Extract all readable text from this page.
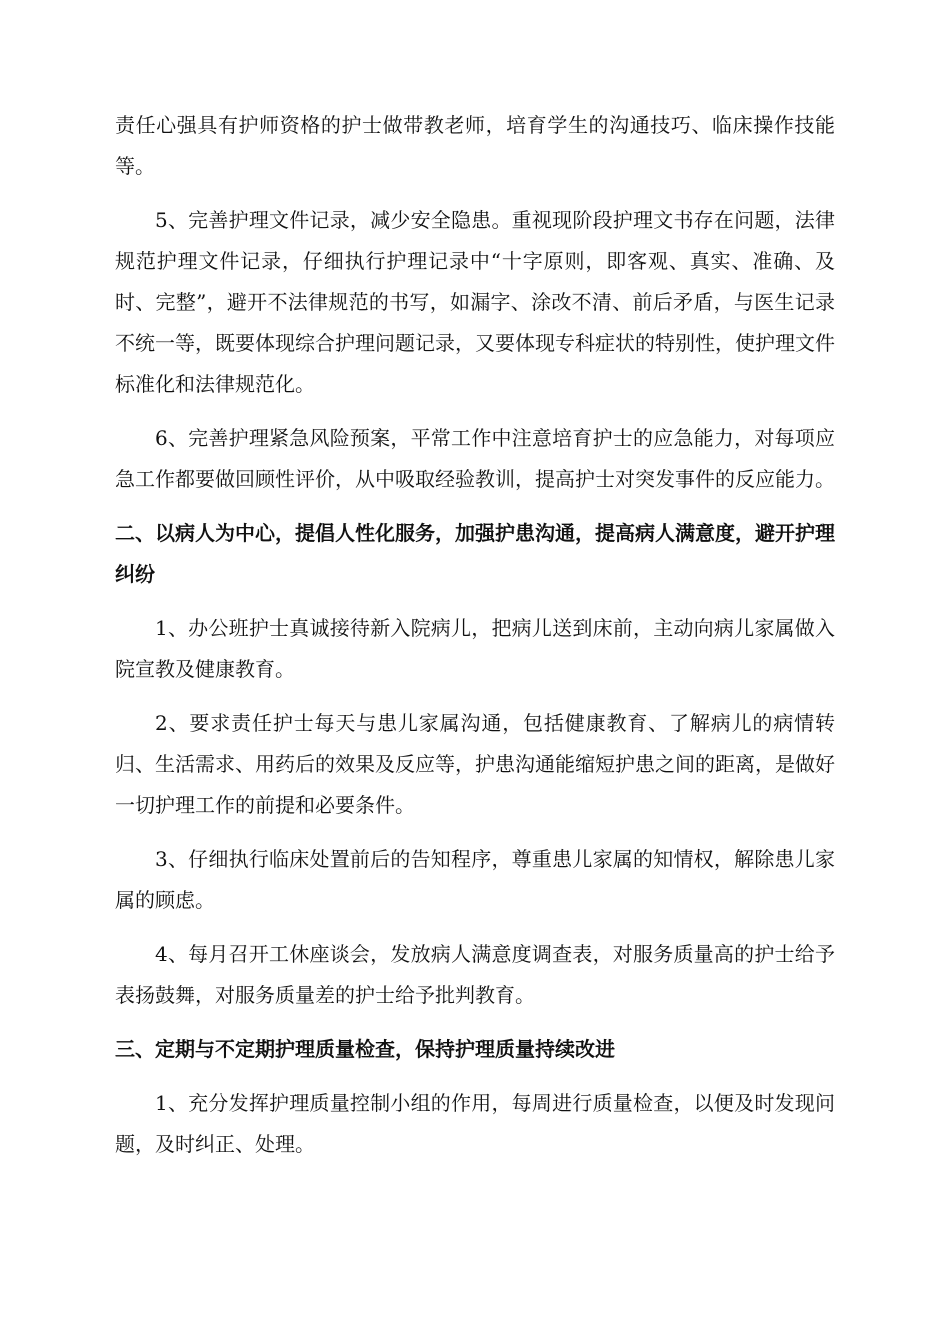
责任心强具有护师资格的护士做带教老师，培育学生的沟通技巧、临床操作技能等。

5、完善护理文件记录，减少安全隐患。重视现阶段护理文书存在问题，法律规范护理文件记录，仔细执行护理记录中“十字原则，即客观、真实、准确、及时、完整”，避开不法律规范的书写，如漏字、涂改不清、前后矛盾，与医生记录不统一等，既要体现综合护理问题记录，又要体现专科症状的特别性，使护理文件标准化和法律规范化。

6、完善护理紧急风险预案，平常工作中注意培育护士的应急能力，对每项应急工作都要做回顾性评价，从中吸取经验教训，提高护士对突发事件的反应能力。

二、以病人为中心，提倡人性化服务，加强护患沟通，提高病人满意度，避开护理纠纷

1、办公班护士真诚接待新入院病儿，把病儿送到床前，主动向病儿家属做入院宣教及健康教育。

2、要求责任护士每天与患儿家属沟通，包括健康教育、了解病儿的病情转归、生活需求、用药后的效果及反应等，护患沟通能缩短护患之间的距离，是做好一切护理工作的前提和必要条件。

3、仔细执行临床处置前后的告知程序，尊重患儿家属的知情权，解除患儿家属的顾虑。

4、每月召开工休座谈会，发放病人满意度调查表，对服务质量高的护士给予表扬鼓舞，对服务质量差的护士给予批判教育。

三、定期与不定期护理质量检查，保持护理质量持续改进

1、充分发挥护理质量控制小组的作用，每周进行质量检查，以便及时发现问题，及时纠正、处理。
